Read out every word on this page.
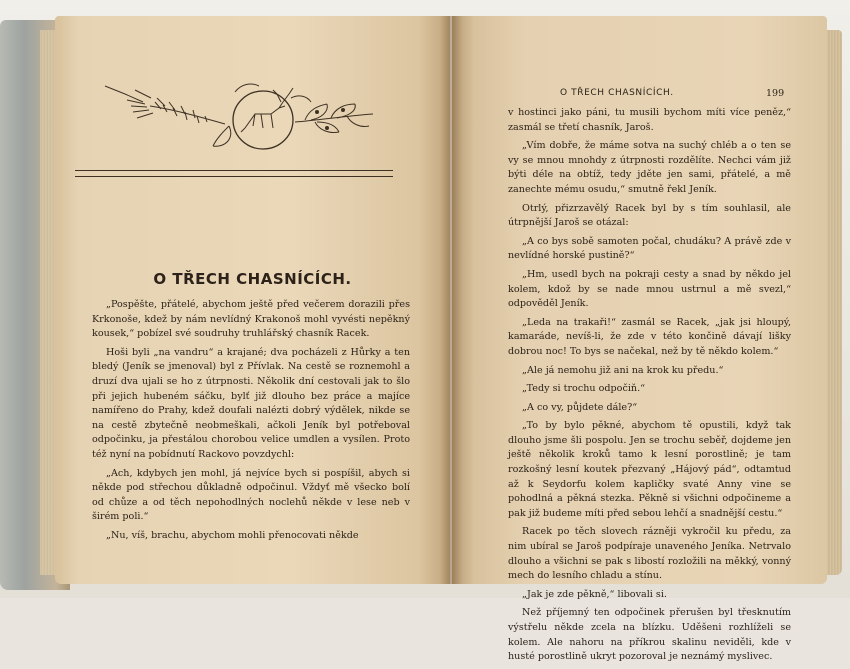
O TŘECH CHASNÍCÍCH.

„Pospěšte, přátelé, abychom ještě před večerem dorazili přes Krkonoše, kdež by nám nevlídný Krakonoš mohl vyvésti nepěkný kousek,“ pobízel své soudruhy truhlářský chasník Racek.

Hoši byli „na vandru“ a krajané; dva pocházeli z Hůrky a ten bledý (Jeník se jmenoval) byl z Přívlak. Na cestě se roznemohl a druzí dva ujali se ho z útrpnosti. Několik dní cestovali jak to šlo při jejich hubeném sáčku, bylť již dlouho bez práce a majíce namířeno do Prahy, kdež doufali nalézti dobrý výdělek, nikde se na cestě zbytečně neobmeškali, ačkoli Jeník byl potřeboval odpočinku, ja přestálou chorobou velice umdlen a vysílen. Proto též nyní na pobídnutí Rackovo povzdychl:

„Ach, kdybych jen mohl, já nejvíce bych si pospíšil, abych si někde pod střechou důkladně odpočinul. Vždyť mě všecko bolí od chůze a od těch nepohodlných noclehů někde v lese neb v širém poli.“

„Nu, víš, brachu, abychom mohli přenocovati někde

O TŘECH CHASNÍCÍCH.	199

v hostinci jako páni, tu musili bychom míti více peněz,“ zasmál se třetí chasník, Jaroš.

„Vím dobře, že máme sotva na suchý chléb a o ten se vy se mnou mnohdy z útrpnosti rozdělíte. Nechci vám již býti déle na obtíž, tedy jděte jen sami, přátelé, a mě zanechte mému osudu,“ smutně řekl Jeník.

Otrlý, přizrzavělý Racek byl by s tím souhlasil, ale útrpnější Jaroš se otázal:

„A co bys sobě samoten počal, chudáku? A právě zde v nevlídné horské pustině?“

„Hm, usedl bych na pokraji cesty a snad by někdo jel kolem, kdož by se nade mnou ustrnul a mě svezl,“ odpověděl Jeník.

„Leda na trakaři!“ zasmál se Racek, „jak jsi hloupý, kamaráde, nevíš-li, že zde v této končině dávají lišky dobrou noc! To bys se načekal, než by tě někdo kolem.“

„Ale já nemohu již ani na krok ku předu.“

„Tedy si trochu odpočiň.“

„A co vy, půjdete dále?“

„To by bylo pěkné, abychom tě opustili, když tak dlouho jsme šli pospolu. Jen se trochu seběř, dojdeme jen ještě několik kroků tamo k lesní porostlině; je tam rozkošný lesní koutek přezvaný „Hájový pád“, odtamtud až k Seydorfu kolem kapličky svaté Anny vine se pohodlná a pěkná stezka. Pěkně si všichni odpočineme a pak již budeme míti před sebou lehčí a snadnější cestu.“

Racek po těch slovech rázněji vykročil ku předu, za nim ubíral se Jaroš podpíraje unaveného Jeníka. Netrvalo dlouho a všichni se pak s libostí rozložili na měkký, vonný mech do lesního chladu a stínu.

„Jak je zde pěkně,“ libovali si.

Než příjemný ten odpočinek přerušen byl třesknutím výstřelu někde zcela na blízku. Uděšeni rozhlíželi se kolem. Ale nahoru na příkrou skalinu neviděli, kde v husté porostlině ukryt pozoroval je neznámý myslivec.
